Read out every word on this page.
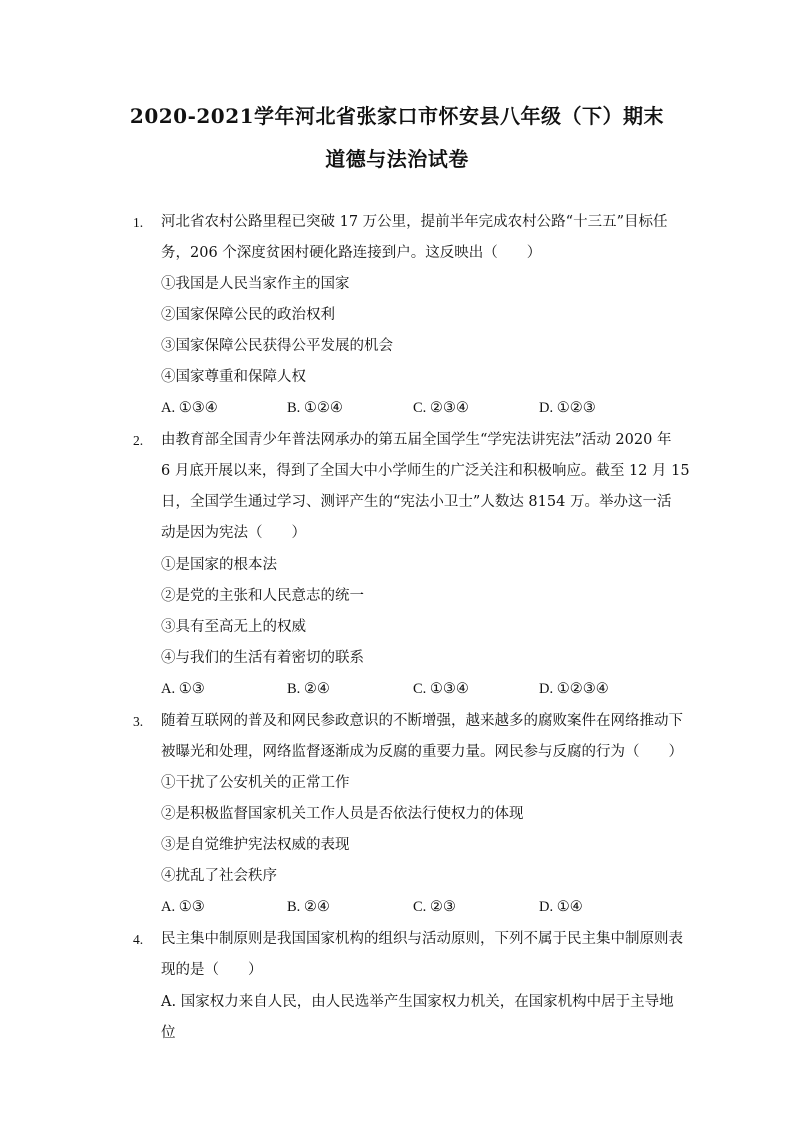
2020-2021学年河北省张家口市怀安县八年级（下）期末
道德与法治试卷
1. 河北省农村公路里程已突破 17 万公里，提前半年完成农村公路“十三五”目标任
务，206 个深度贫困村硬化路连接到户。这反映出（　　）
①我国是人民当家作主的国家
②国家保障公民的政治权利
③国家保障公民获得公平发展的机会
④国家尊重和保障人权
A. ①③④	B. ①②④	C. ②③④	D. ①②③
2. 由教育部全国青少年普法网承办的第五届全国学生“学宪法讲宪法”活动 2020 年
6 月底开展以来，得到了全国大中小学师生的广泛关注和积极响应。截至 12 月 15
日，全国学生通过学习、测评产生的“宪法小卫士”人数达 8154 万。举办这一活
动是因为宪法（　　）
①是国家的根本法
②是党的主张和人民意志的统一
③具有至高无上的权威
④与我们的生活有着密切的联系
A. ①③	B. ②④	C. ①③④	D. ①②③④
3. 随着互联网的普及和网民参政意识的不断增强，越来越多的腐败案件在网络推动下
被曝光和处理，网络监督逐渐成为反腐的重要力量。网民参与反腐的行为（　　）
①干扰了公安机关的正常工作
②是积极监督国家机关工作人员是否依法行使权力的体现
③是自觉维护宪法权威的表现
④扰乱了社会秩序
A. ①③	B. ②④	C. ②③	D. ①④
4. 民主集中制原则是我国国家机构的组织与活动原则，下列不属于民主集中制原则表
现的是（　　）
A. 国家权力来自人民，由人民选举产生国家权力机关，在国家机构中居于主导地
位
